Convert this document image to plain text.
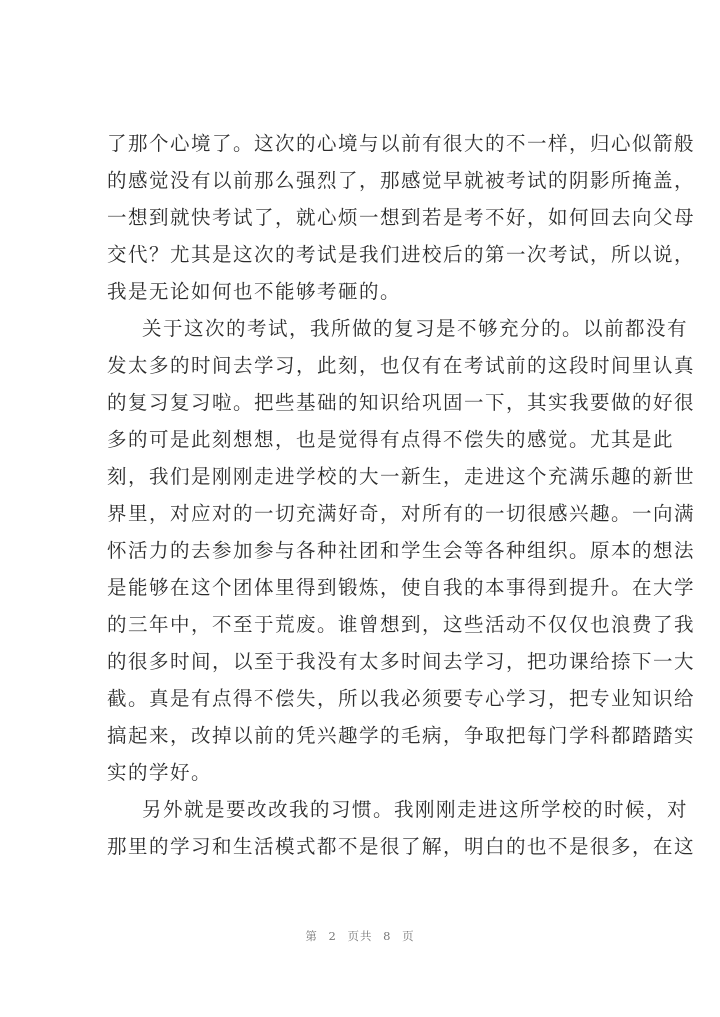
了那个心境了。这次的心境与以前有很大的不一样，归心似箭般
的感觉没有以前那么强烈了，那感觉早就被考试的阴影所掩盖，
一想到就快考试了，就心烦一想到若是考不好，如何回去向父母
交代？尤其是这次的考试是我们进校后的第一次考试，所以说，
我是无论如何也不能够考砸的。
关于这次的考试，我所做的复习是不够充分的。以前都没有
发太多的时间去学习，此刻，也仅有在考试前的这段时间里认真
的复习复习啦。把些基础的知识给巩固一下，其实我要做的好很
多的可是此刻想想，也是觉得有点得不偿失的感觉。尤其是此
刻，我们是刚刚走进学校的大一新生，走进这个充满乐趣的新世
界里，对应对的一切充满好奇，对所有的一切很感兴趣。一向满
怀活力的去参加参与各种社团和学生会等各种组织。原本的想法
是能够在这个团体里得到锻炼，使自我的本事得到提升。在大学
的三年中，不至于荒废。谁曾想到，这些活动不仅仅也浪费了我
的很多时间，以至于我没有太多时间去学习，把功课给捺下一大
截。真是有点得不偿失，所以我必须要专心学习，把专业知识给
搞起来，改掉以前的凭兴趣学的毛病，争取把每门学科都踏踏实
实的学好。
另外就是要改改我的习惯。我刚刚走进这所学校的时候，对
那里的学习和生活模式都不是很了解，明白的也不是很多，在这
第 2 页共 8 页
